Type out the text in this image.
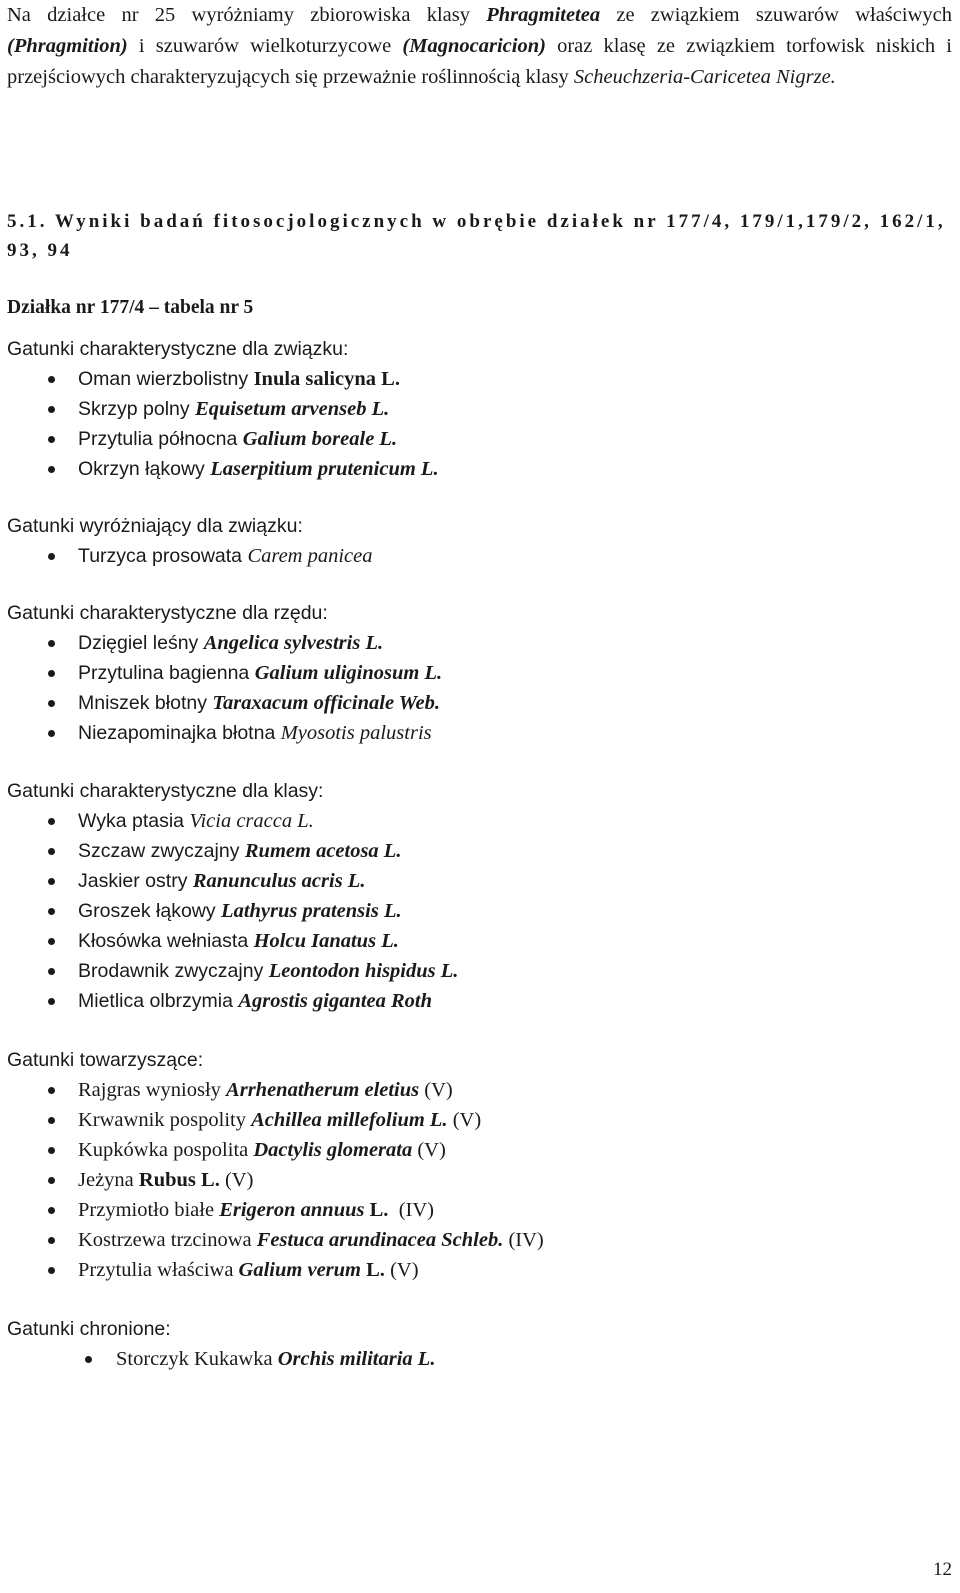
Na działce nr 25 wyróżniamy zbiorowiska klasy Phragmitetea ze związkiem szuwarów właściwych (Phragmition) i szuwarów wielkoturzycowe (Magnocaricion) oraz klasę ze związkiem torfowisk niskich i przejściowych charakteryzujących się przeważnie roślinnością klasy Scheuchzeria-Caricetea Nigrze.
5.1. Wyniki badań fitosocjologicznych w obrębie działek nr 177/4, 179/1,179/2, 162/1, 93, 94
Działka nr 177/4 – tabela nr 5
Gatunki charakterystyczne dla związku:
Oman wierzbolistny Inula salicyna L.
Skrzyp polny Equisetum arvenseb L.
Przytulia północna Galium boreale L.
Okrzyn łąkowy Laserpitium prutenicum L.
Gatunki wyróżniający dla związku:
Turzyca prosowata Carem panicea
Gatunki charakterystyczne dla rzędu:
Dzięgiel leśny Angelica sylvestris L.
Przytulina bagienna Galium uliginosum L.
Mniszek błotny Taraxacum officinale Web.
Niezapominajka błotna Myosotis palustris
Gatunki charakterystyczne dla klasy:
Wyka ptasia Vicia cracca L.
Szczaw zwyczajny Rumem acetosa L.
Jaskier ostry Ranunculus acris L.
Groszek łąkowy Lathyrus pratensis L.
Kłosówka wełniasta Holcu Ianatus L.
Brodawnik zwyczajny Leontodon hispidus L.
Mietlica olbrzymia Agrostis gigantea Roth
Gatunki towarzyszące:
Rajgras wyniosły Arrhenatherum eletius (V)
Krwawnik pospolity Achillea millefolium L. (V)
Kupkówka pospolita Dactylis glomerata (V)
Jeżyna Rubus L. (V)
Przymiotło białe Erigeron annuus L.  (IV)
Kostrzewa trzcinowa Festuca arundinacea Schleb. (IV)
Przytulia właściwa Galium verum L. (V)
Gatunki chronione:
Storczyk Kukawka Orchis militaria L.
12
